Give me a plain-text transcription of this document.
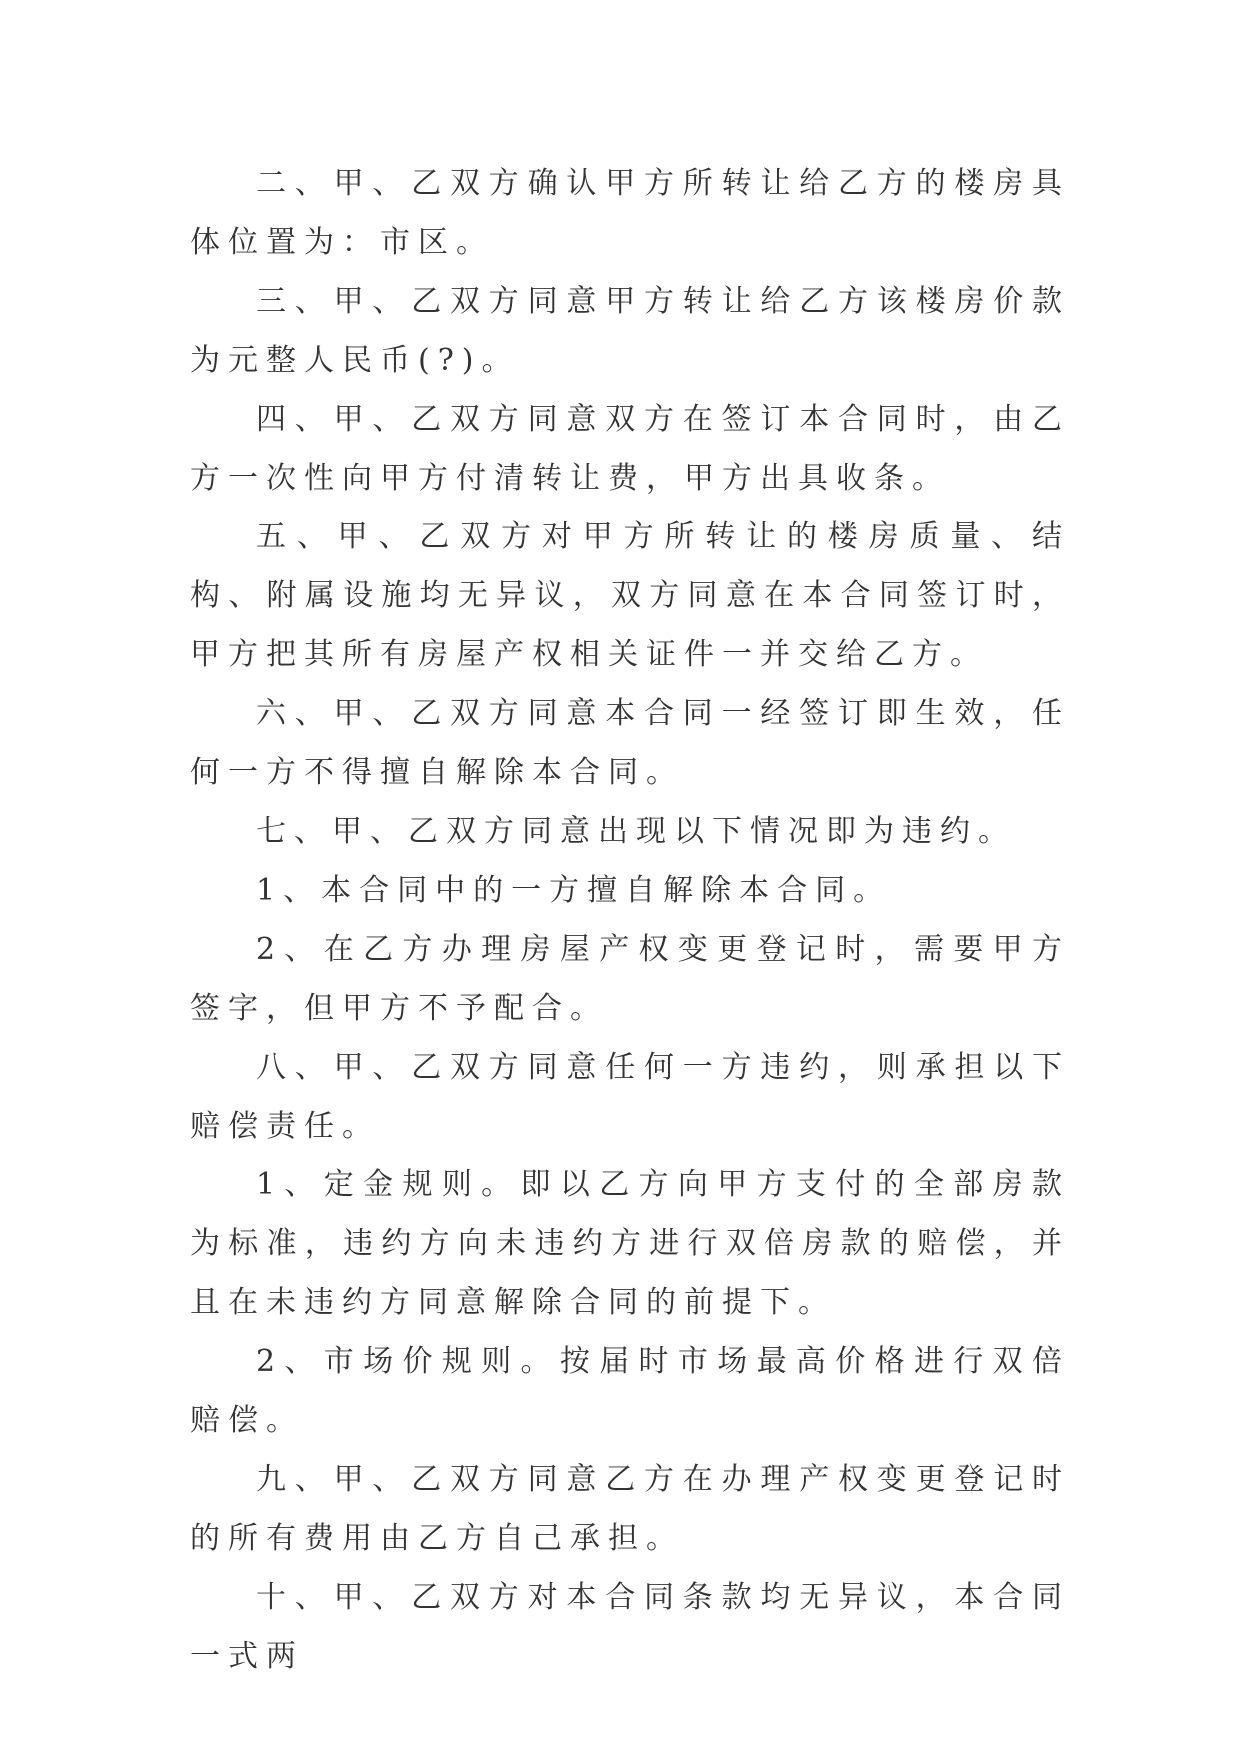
二、甲、乙双方确认甲方所转让给乙方的楼房具体位置为：市区。

三、甲、乙双方同意甲方转让给乙方该楼房价款为元整人民币(?)。

四、甲、乙双方同意双方在签订本合同时，由乙方一次性向甲方付清转让费，甲方出具收条。

五、甲、乙双方对甲方所转让的楼房质量、结构、附属设施均无异议，双方同意在本合同签订时，甲方把其所有房屋产权相关证件一并交给乙方。

六、甲、乙双方同意本合同一经签订即生效，任何一方不得擅自解除本合同。

七、甲、乙双方同意出现以下情况即为违约。

1、本合同中的一方擅自解除本合同。

2、在乙方办理房屋产权变更登记时，需要甲方签字，但甲方不予配合。

八、甲、乙双方同意任何一方违约，则承担以下赔偿责任。

1、定金规则。即以乙方向甲方支付的全部房款为标准，违约方向未违约方进行双倍房款的赔偿，并且在未违约方同意解除合同的前提下。

2、市场价规则。按届时市场最高价格进行双倍赔偿。

九、甲、乙双方同意乙方在办理产权变更登记时的所有费用由乙方自己承担。

十、甲、乙双方对本合同条款均无异议，本合同一式两
